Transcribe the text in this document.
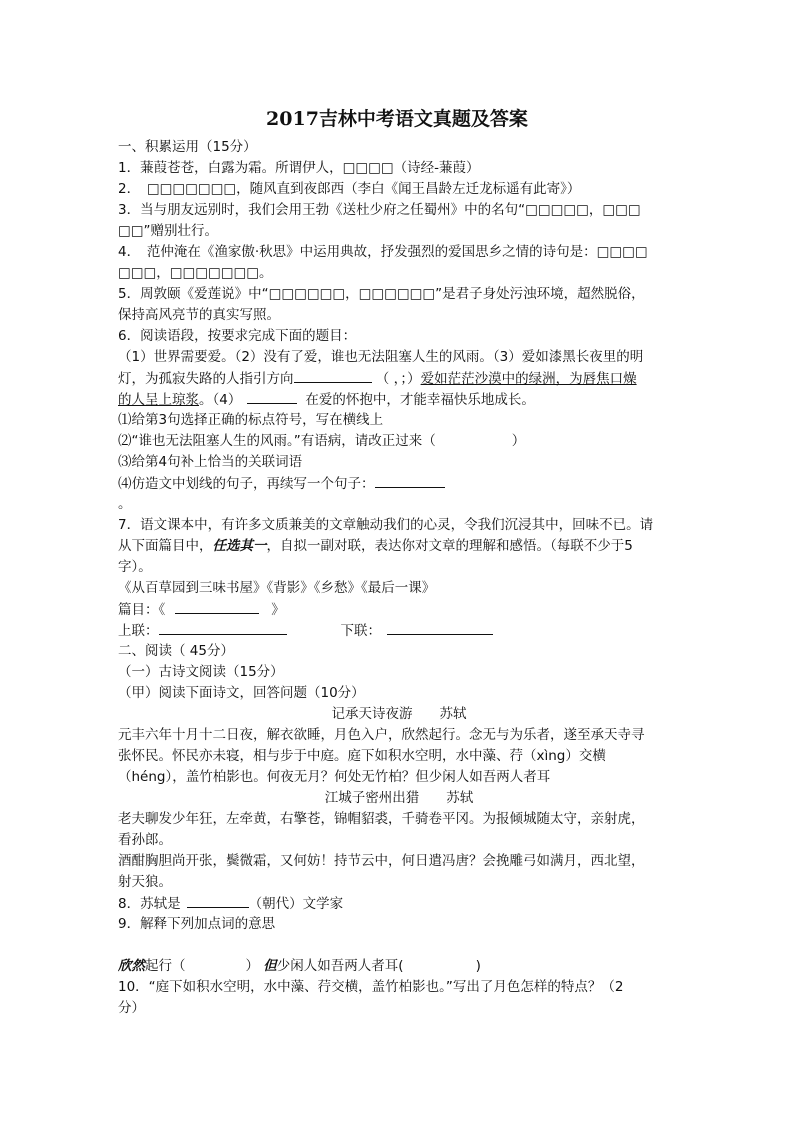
2017吉林中考语文真题及答案
一、积累运用（15分）
1．蒹葭苍苍，白露为霜。所谓伊人，□□□□（诗经-蒹葭）
2．　□□□□□□□，随风直到夜郎西（李白《闻王昌龄左迁龙标遥有此寄》）
3．当与朋友远别时，我们会用王勃《送杜少府之任蜀州》中的名句“□□□□□，□□□
□□”赠别壮行。
4．　范仲淹在《渔家傲·秋思》中运用典故，抒发强烈的爱国思乡之情的诗句是：□□□□
□□□，□□□□□□□。
5．周敦颐《爱莲说》中“□□□□□□，□□□□□□”是君子身处污浊环境，超然脱俗，
保持高风亮节的真实写照。
6．阅读语段，按要求完成下面的题目：
（1）世界需要爱。（2）没有了爱，谁也无法阻塞人生的风雨。（3）爱如漆黑长夜里的明
灯，为孤寂失路的人指引方向	（ ，；）爱如茫茫沙漠中的绿洲，为唇焦口燥
的人呈上琼浆。（4）	在爱的怀抱中，才能幸福快乐地成长。
⑴给第3句选择正确的标点符号，写在横线上
⑵“谁也无法阻塞人生的风雨。”有语病，请改正过来（	）
⑶给第4句补上恰当的关联词语
⑷仿造文中划线的句子，再续写一个句子：
。
7．语文课本中，有许多文质兼美的文章触动我们的心灵，令我们沉浸其中，回味不已。请
从下面篇目中，任选其一，自拟一副对联，表达你对文章的理解和感悟。（每联不少于5
字）。
《从百草园到三味书屋》《背影》《乡愁》《最后一课》
篇目：《	》
上联：	下联：
二、阅读（ 45分）
（一）古诗文阅读（15分）
（甲）阅读下面诗文，回答问题（10分）
记承天诗夜游　　苏轼
元丰六年十月十二日夜，解衣欲睡，月色入户，欣然起行。念无与为乐者，遂至承天寺寻
张怀民。怀民亦未寝，相与步于中庭。庭下如积水空明，水中藻、荇（xìng）交横
（héng），盖竹柏影也。何夜无月？何处无竹柏？但少闲人如吾两人者耳
江城子密州出猎　　苏轼
老夫聊发少年狂，左牵黄，右擎苍，锦帽貂裘，千骑卷平冈。为报倾城随太守，亲射虎，
看孙郎。
酒酣胸胆尚开张，鬓微霜，又何妨！持节云中，何日遣冯唐？会挽雕弓如满月，西北望，
射天狼。
8．苏轼是	（朝代）文学家
9．解释下列加点词的意思
欣然起行（	） 但少闲人如吾两人者耳(	)
10．“庭下如积水空明，水中藻、荇交横，盖竹柏影也。”写出了月色怎样的特点？（2
分）
